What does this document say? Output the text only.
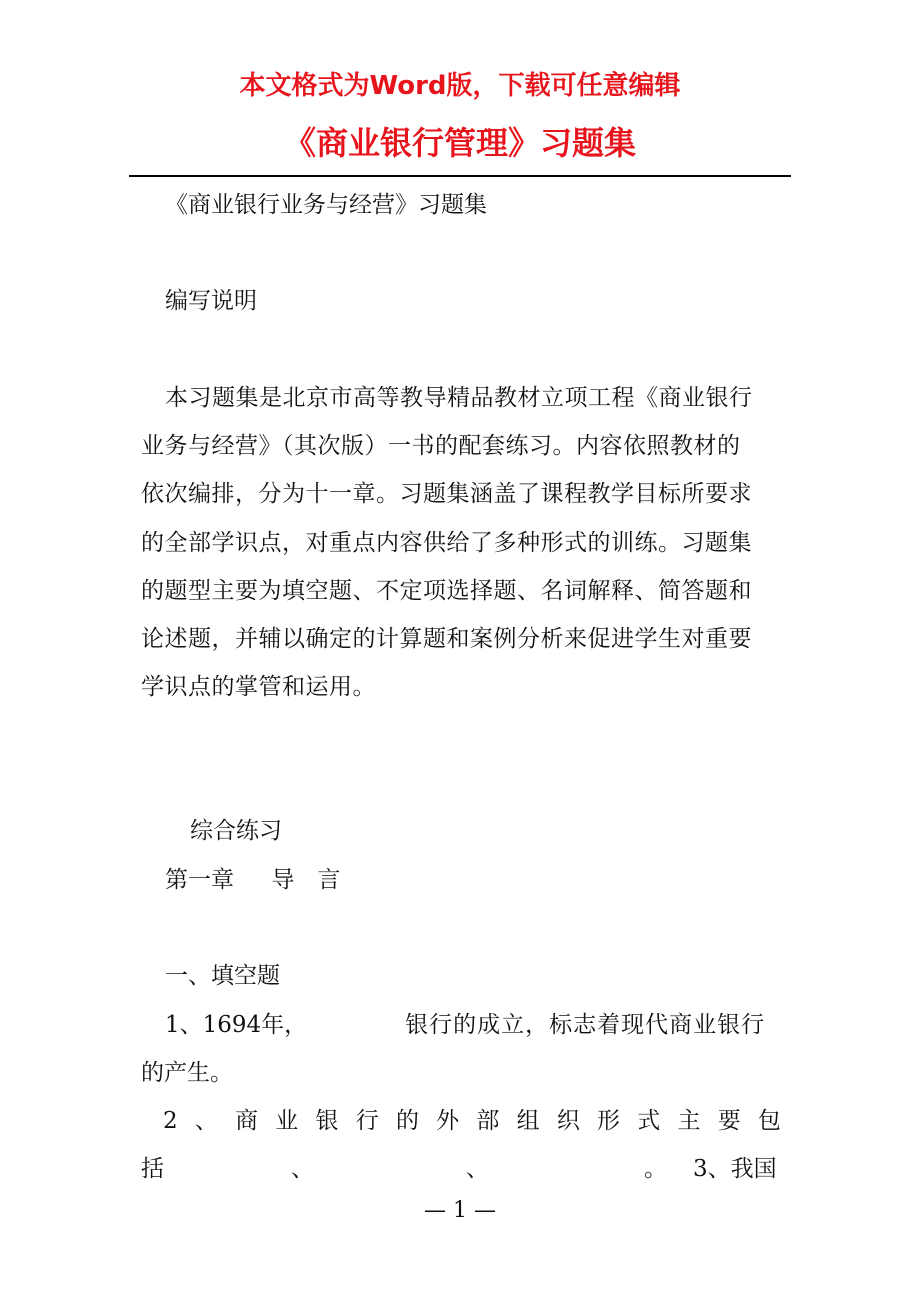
本文格式为Word版，下载可任意编辑
《商业银行管理》习题集
《商业银行业务与经营》习题集
编写说明
本习题集是北京市高等教导精品教材立项工程《商业银行
业务与经营》（其次版）一书的配套练习。内容依照教材的
依次编排，分为十一章。习题集涵盖了课程教学目标所要求
的全部学识点，对重点内容供给了多种形式的训练。习题集
的题型主要为填空题、不定项选择题、名词解释、简答题和
论述题，并辅以确定的计算题和案例分析来促进学生对重要
学识点的掌管和运用。
综合练习
第一章 导　言
一、填空题
1、1694年，	银行的成立，标志着现代商业银行
的产生。
2 、 商 业 银 行 的 外 部 组 织 形 式 主 要 包
括	、	、	。 3、我国
— 1 —
